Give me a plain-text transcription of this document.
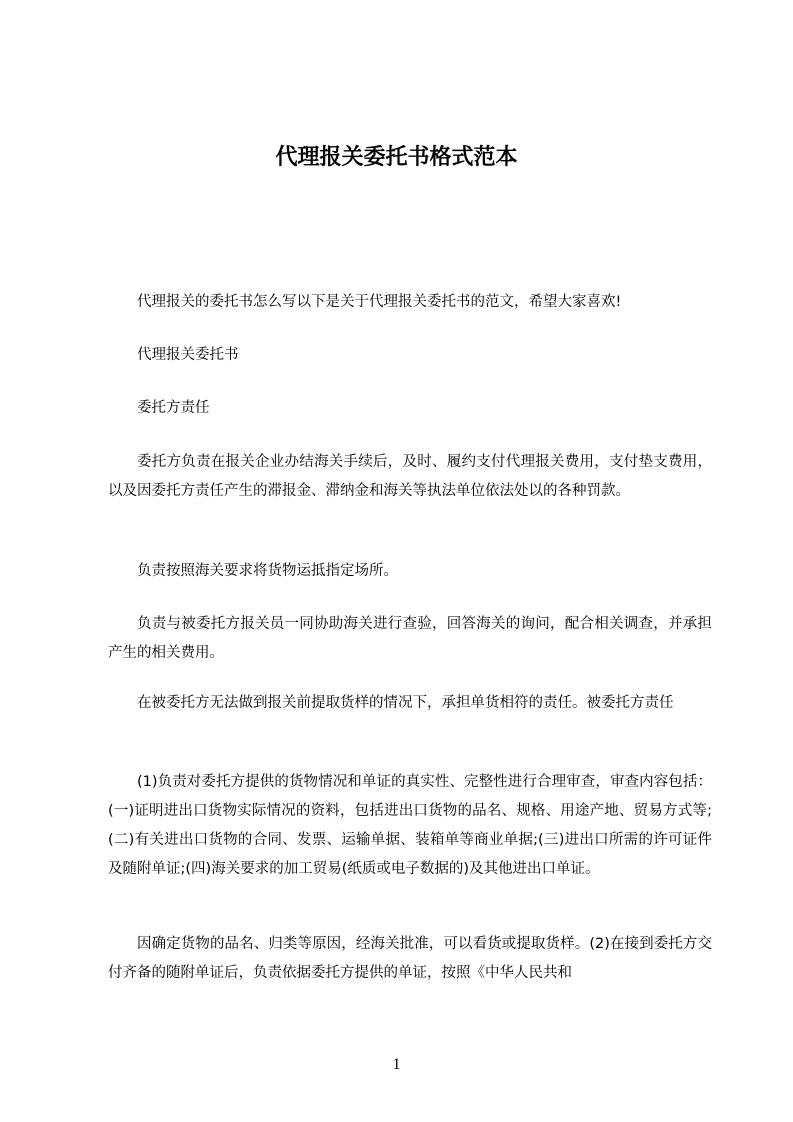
代理报关委托书格式范本

代理报关的委托书怎么写以下是关于代理报关委托书的范文，希望大家喜欢!

代理报关委托书

委托方责任

委托方负责在报关企业办结海关手续后，及时、履约支付代理报关费用，支付垫支费用，以及因委托方责任产生的滞报金、滞纳金和海关等执法单位依法处以的各种罚款。

负责按照海关要求将货物运抵指定场所。

负责与被委托方报关员一同协助海关进行查验，回答海关的询问，配合相关调查，并承担产生的相关费用。

在被委托方无法做到报关前提取货样的情况下，承担单货相符的责任。被委托方责任

(1)负责对委托方提供的货物情况和单证的真实性、完整性进行合理审查，审查内容包括：(一)证明进出口货物实际情况的资料，包括进出口货物的品名、规格、用途产地、贸易方式等;(二)有关进出口货物的合同、发票、运输单据、装箱单等商业单据;(三)进出口所需的许可证件及随附单证;(四)海关要求的加工贸易(纸质或电子数据的)及其他进出口单证。

因确定货物的品名、归类等原因，经海关批准，可以看货或提取货样。(2)在接到委托方交付齐备的随附单证后，负责依据委托方提供的单证，按照《中华人民共和

1
